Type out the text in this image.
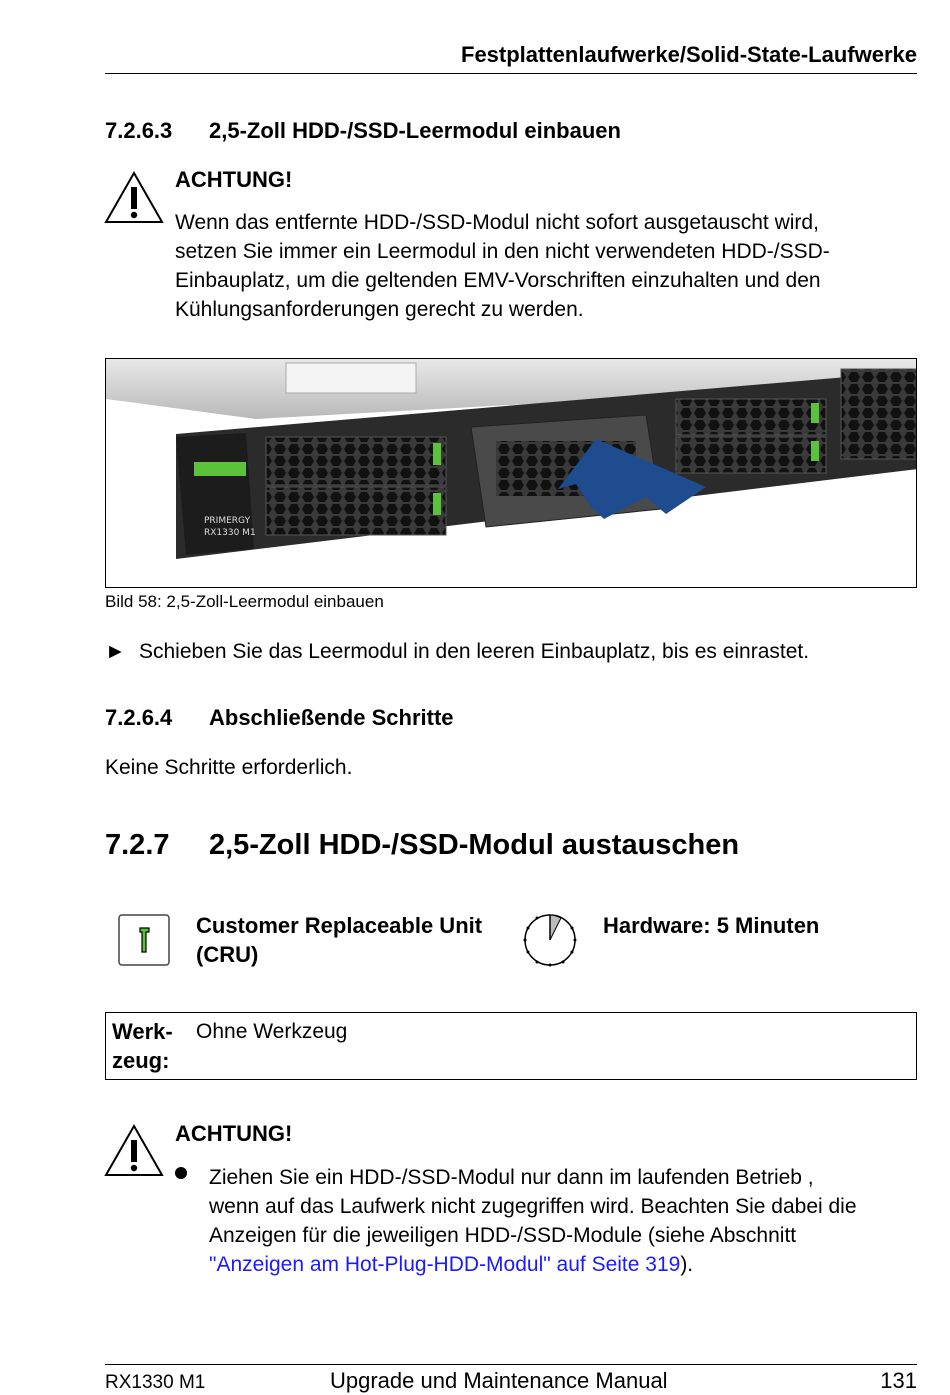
Festplattenlaufwerke/Solid-State-Laufwerke
7.2.6.3 2,5-Zoll HDD-/SSD-Leermodul einbauen
ACHTUNG!
Wenn das entfernte HDD-/SSD-Modul nicht sofort ausgetauscht wird,
setzen Sie immer ein Leermodul in den nicht verwendeten HDD-/SSD-
Einbauplatz, um die geltenden EMV-Vorschriften einzuhalten und den
Kühlungsanforderungen gerecht zu werden.
PRIMERGY
RX1330 M1
Bild 58: 2,5-Zoll-Leermodul einbauen
► Schieben Sie das Leermodul in den leeren Einbauplatz, bis es einrastet.
7.2.6.4 Abschließende Schritte
Keine Schritte erforderlich.
7.2.7 2,5-Zoll HDD-/SSD-Modul austauschen
Customer Replaceable Unit
(CRU)
Hardware: 5 Minuten
Werk-
zeug:
Ohne Werkzeug
ACHTUNG!
Ziehen Sie ein HDD-/SSD-Modul nur dann im laufenden Betrieb ,
wenn auf das Laufwerk nicht zugegriffen wird. Beachten Sie dabei die
Anzeigen für die jeweiligen HDD-/SSD-Module (siehe Abschnitt
"Anzeigen am Hot-Plug-HDD-Modul" auf Seite 319).
RX1330 M1	Upgrade und Maintenance Manual	131
